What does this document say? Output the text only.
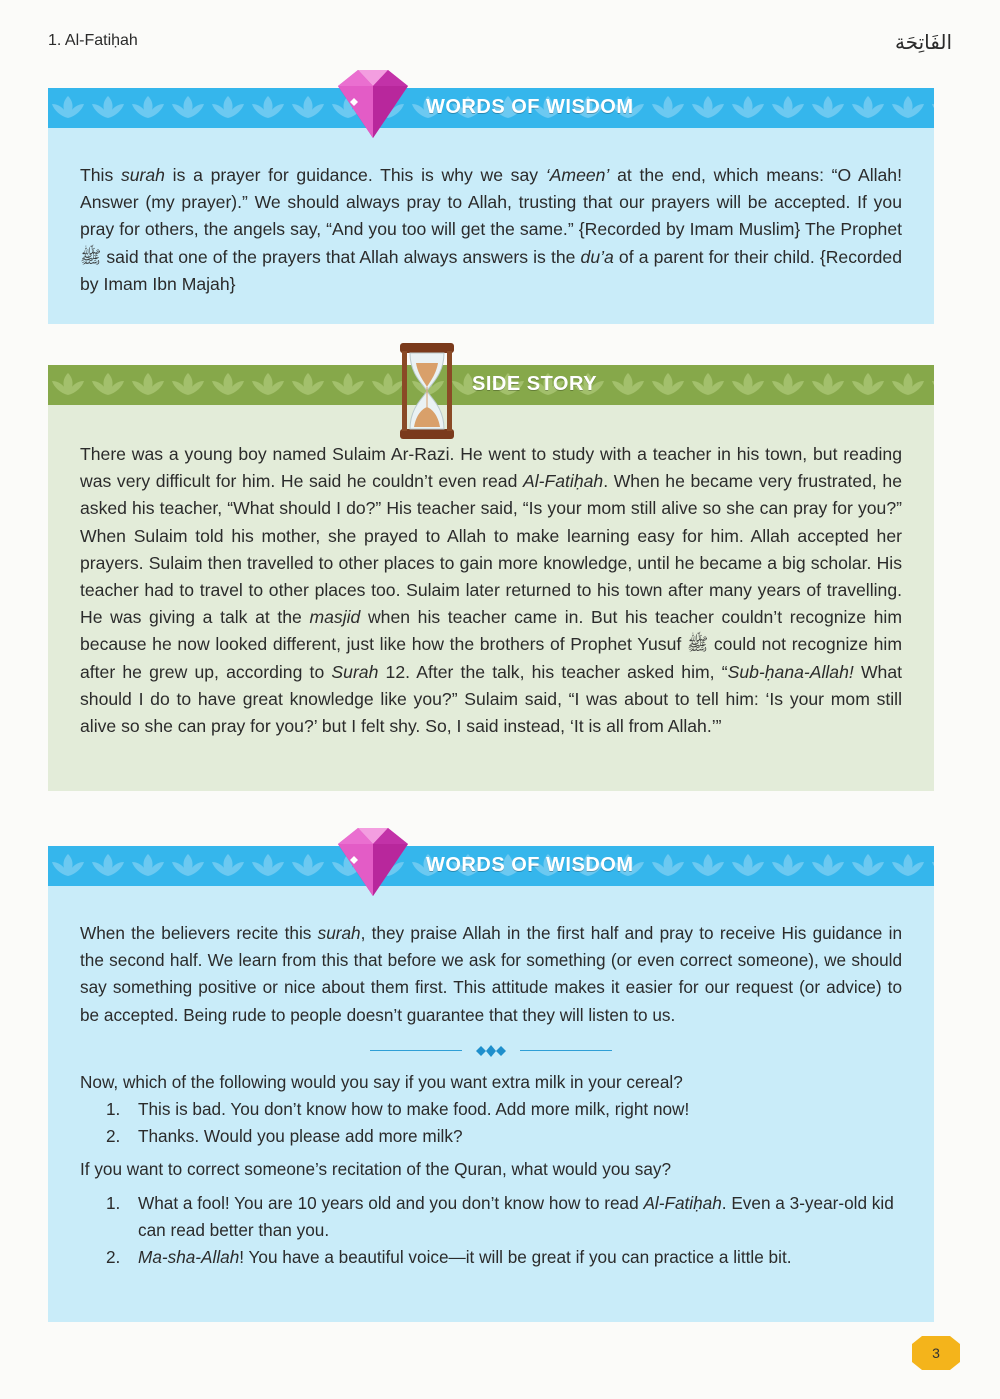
1. Al-Fatiḥah	الفَاتِحَة
WORDS OF WISDOM

This surah is a prayer for guidance. This is why we say ‘Ameen’ at the end, which means: “O Allah! Answer (my prayer).” We should always pray to Allah, trusting that our prayers will be accepted. If you pray for others, the angels say, “And you too will get the same.” {Recorded by Imam Muslim} The Prophet ﷺ said that one of the prayers that Allah always answers is the du’a of a parent for their child. {Recorded by Imam Ibn Majah}

SIDE STORY

There was a young boy named Sulaim Ar-Razi. He went to study with a teacher in his town, but reading was very difficult for him. He said he couldn’t even read Al-Fatiḥah. When he became very frustrated, he asked his teacher, “What should I do?” His teacher said, “Is your mom still alive so she can pray for you?” When Sulaim told his mother, she prayed to Allah to make learning easy for him. Allah accepted her prayers. Sulaim then travelled to other places to gain more knowledge, until he became a big scholar. His teacher had to travel to other places too. Sulaim later returned to his town after many years of travelling. He was giving a talk at the masjid when his teacher came in. But his teacher couldn’t recognize him because he now looked different, just like how the brothers of Prophet Yusuf ﷺ could not recognize him after he grew up, according to Surah 12. After the talk, his teacher asked him, “Sub-ḥana-Allah! What should I do to have great knowledge like you?” Sulaim said, “I was about to tell him: ‘Is your mom still alive so she can pray for you?’ but I felt shy. So, I said instead, ‘It is all from Allah.’”

WORDS OF WISDOM

When the believers recite this surah, they praise Allah in the first half and pray to receive His guidance in the second half. We learn from this that before we ask for something (or even correct someone), we should say something positive or nice about them first. This attitude makes it easier for our request (or advice) to be accepted. Being rude to people doesn’t guarantee that they will listen to us.

Now, which of the following would you say if you want extra milk in your cereal?

1. This is bad. You don’t know how to make food. Add more milk, right now!
2. Thanks. Would you please add more milk?

If you want to correct someone’s recitation of the Quran, what would you say?

1. What a fool! You are 10 years old and you don’t know how to read Al-Fatiḥah. Even a 3-year-old kid can read better than you.
2. Ma-sha-Allah! You have a beautiful voice—it will be great if you can practice a little bit.
3
